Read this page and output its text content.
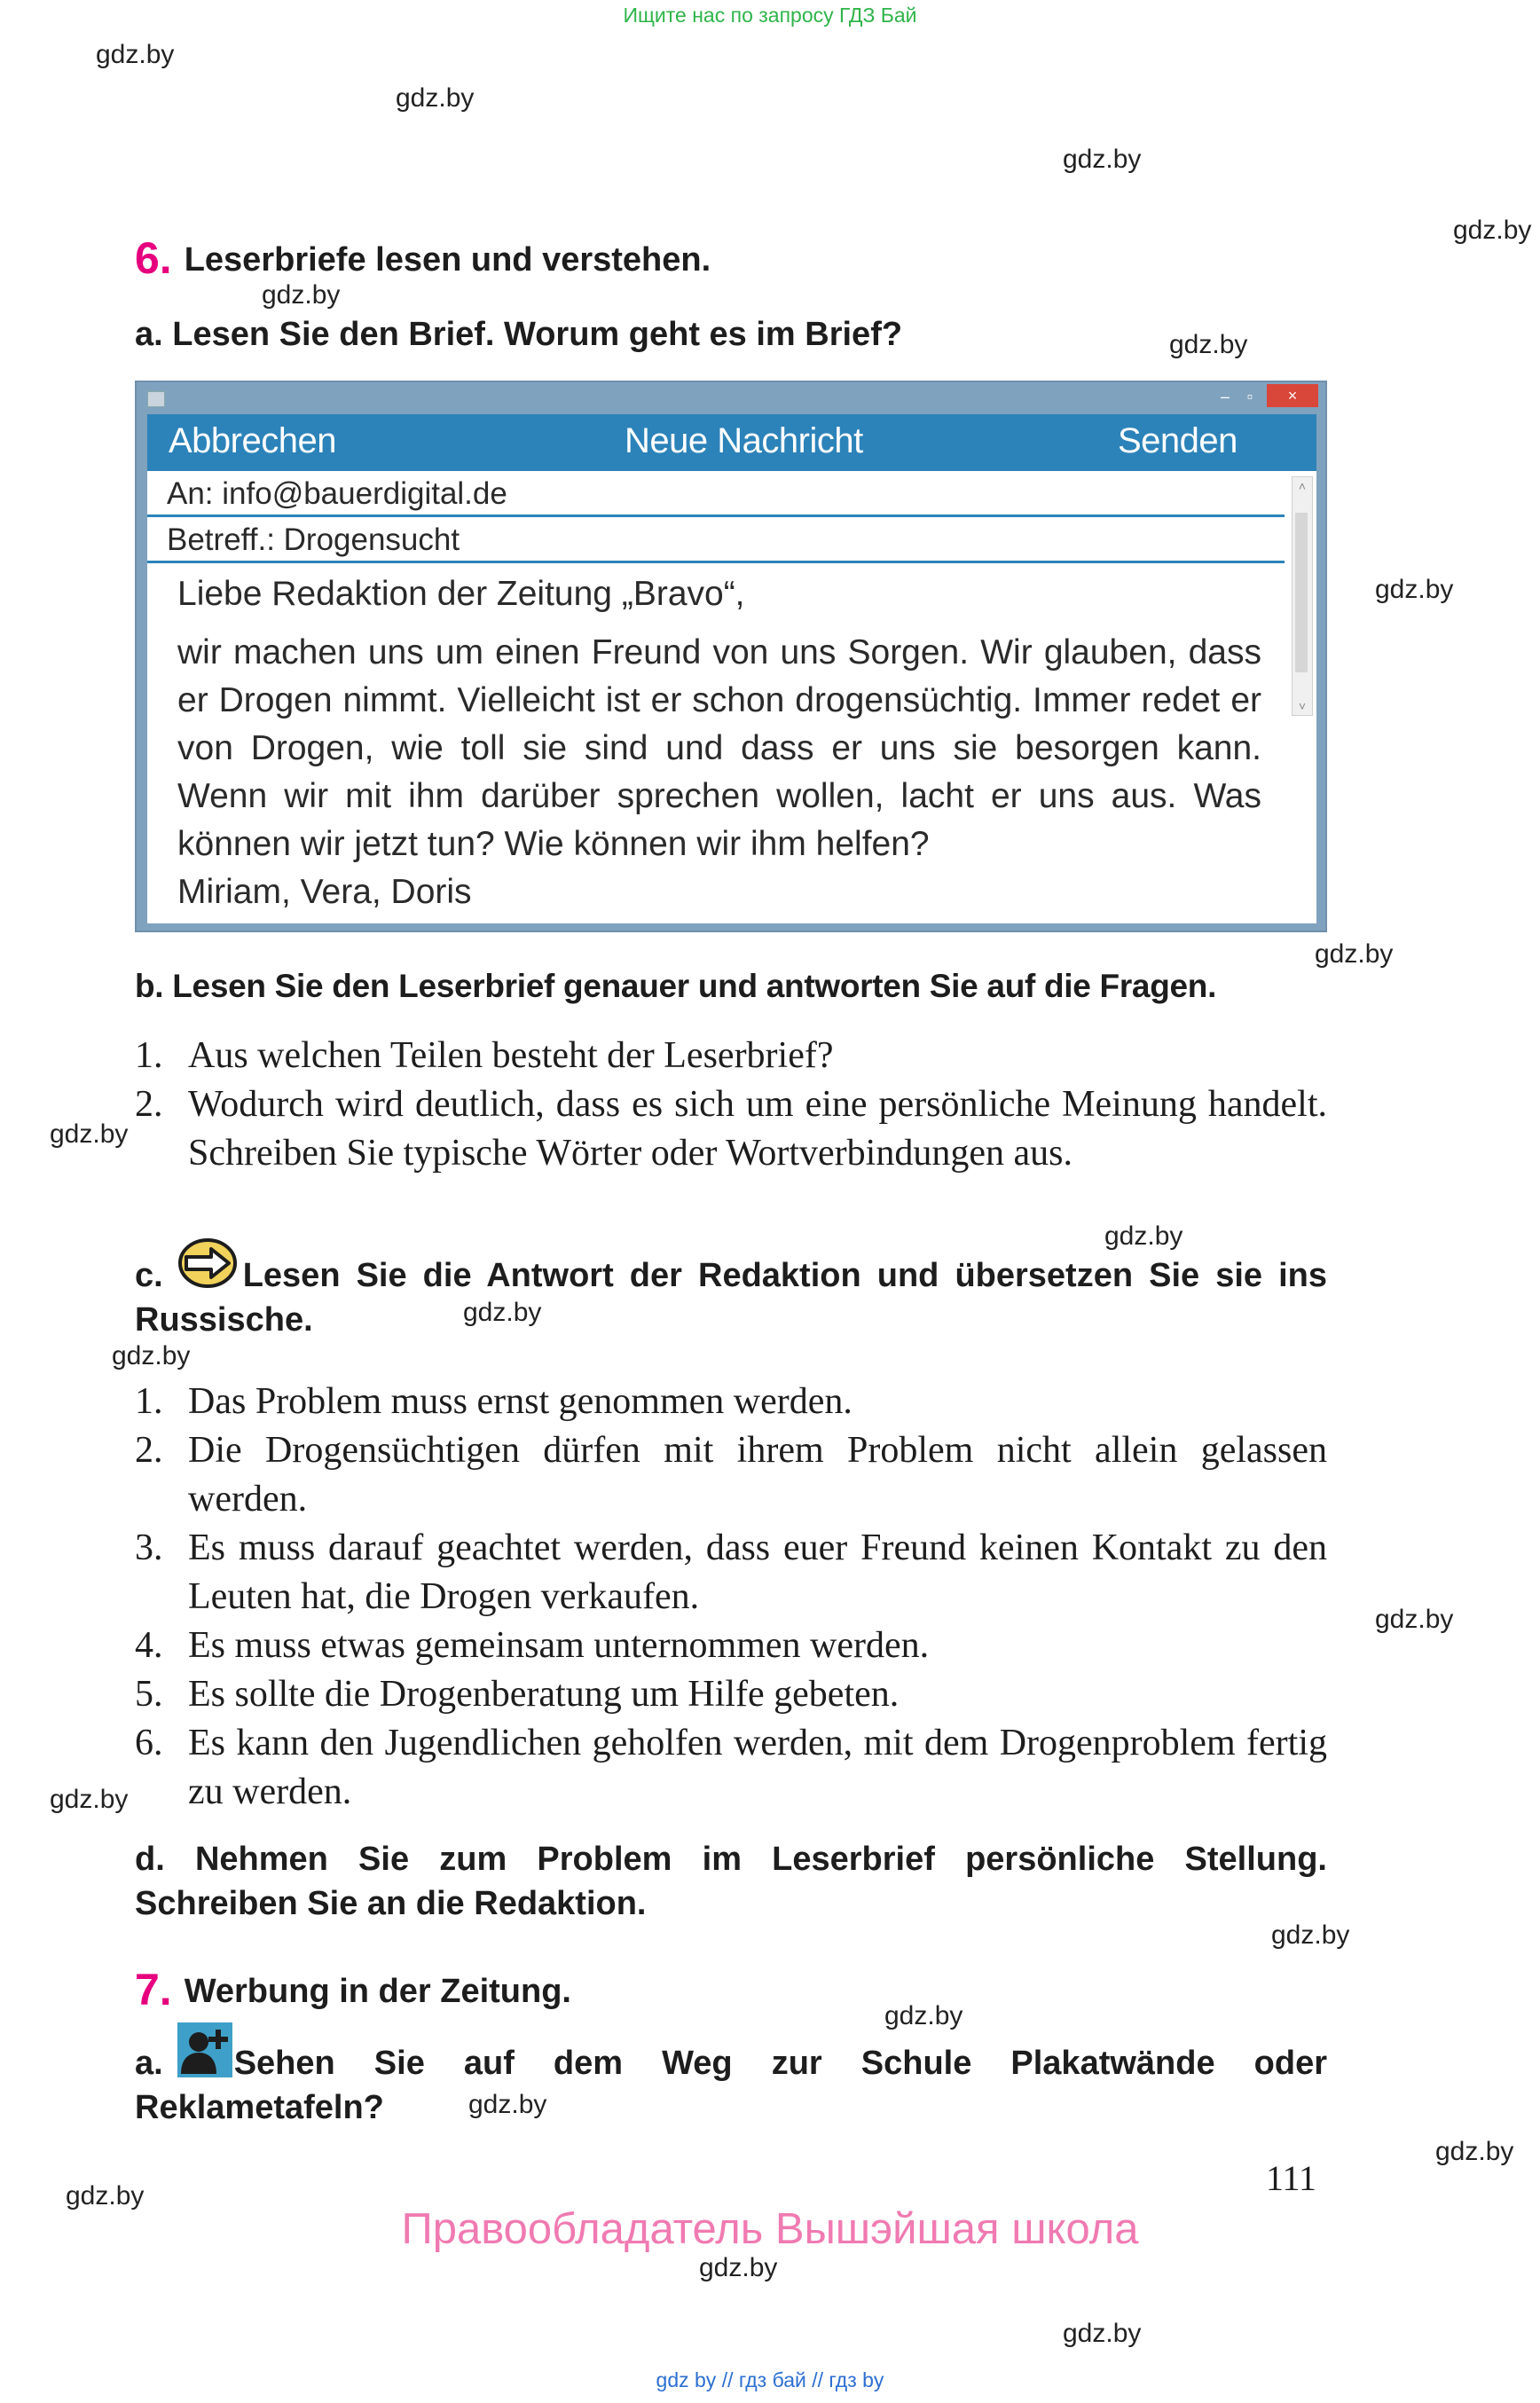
Ищите нас по запросу ГДЗ Бай
gdz.by
gdz.by
gdz.by
gdz.by
gdz.by
gdz.by
gdz.by
gdz.by
gdz.by
gdz.by
gdz.by
gdz.by
gdz.by
gdz.by
gdz.by
gdz.by
gdz.by
gdz.by
gdz.by
gdz.by
gdz.by
6. Leserbriefe lesen und verstehen.
a. Lesen Sie den Brief. Worum geht es im Brief?
–	▫	×
Abbrechen	Neue Nachricht	Senden
An: info@bauerdigital.de
Betreff.: Drogensucht
˄
˅

Liebe Redaktion der Zeitung „Bravo“,

wir machen uns um einen Freund von uns Sorgen. Wir glauben, dass er Drogen nimmt. Vielleicht ist er schon drogensüchtig. Immer redet er von Drogen, wie toll sie sind und dass er uns sie besorgen kann. Wenn wir mit ihm darüber sprechen wollen, lacht er uns aus. Was können wir jetzt tun? Wie können wir ihm helfen?

Miriam, Vera, Doris

b. Lesen Sie den Leserbrief genauer und antworten Sie auf die Fragen.
1. Aus welchen Teilen besteht der Leserbrief?
2. Wodurch wird deutlich, dass es sich um eine persönliche Meinung handelt. Schreiben Sie typische Wörter oder Wortverbindungen aus.
c. Lesen Sie die Antwort der Redaktion und übersetzen Sie sie ins Russische.
1. Das Problem muss ernst genommen werden.
2. Die Drogensüchtigen dürfen mit ihrem Problem nicht allein gelassen werden.
3. Es muss darauf geachtet werden, dass euer Freund keinen Kontakt zu den Leuten hat, die Drogen verkaufen.
4. Es muss etwas gemeinsam unternommen werden.
5. Es sollte die Drogenberatung um Hilfe gebeten.
6. Es kann den Jugendlichen geholfen werden, mit dem Drogenproblem fertig zu werden.
d. Nehmen Sie zum Problem im Leserbrief persönliche Stellung. Schreiben Sie an die Redaktion.
7. Werbung in der Zeitung.
a. Sehen Sie auf dem Weg zur Schule Plakatwände oder Reklametafeln?
111
Правообладатель Вышэйшая школа
gdz by // гдз бай // гдз by
